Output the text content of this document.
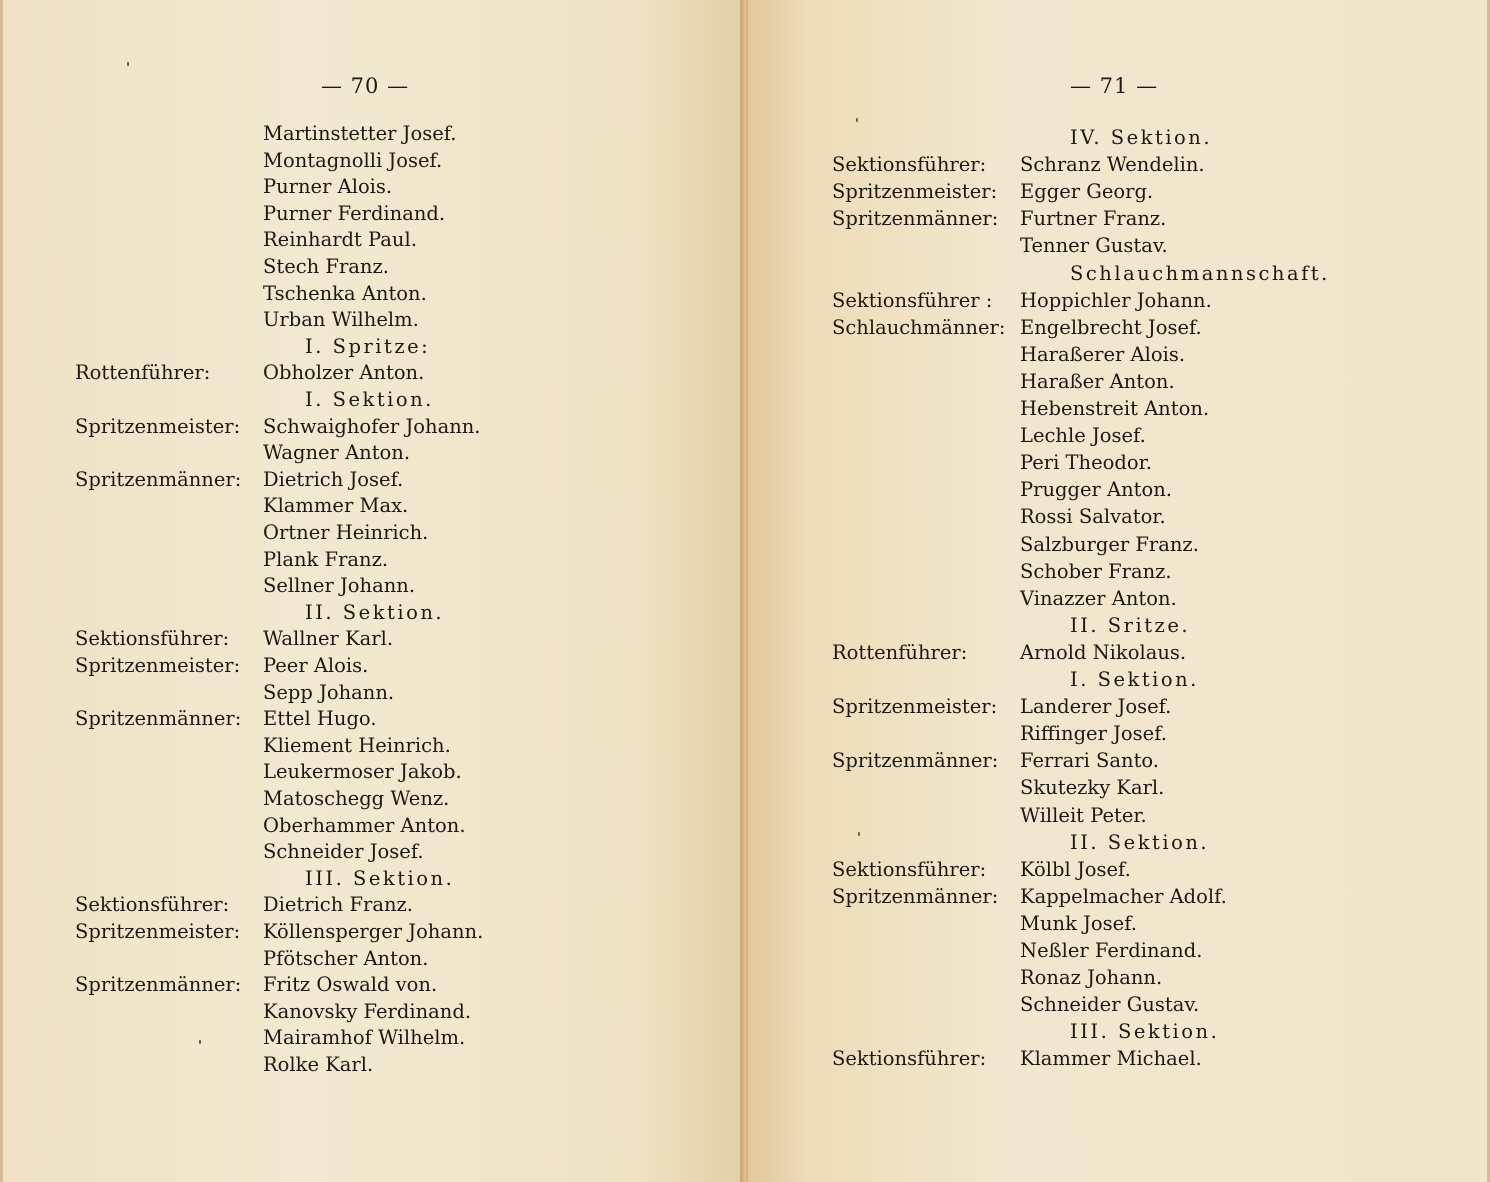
— 70 —
Martinstetter Josef.
Montagnolli Josef.
Purner Alois.
Purner Ferdinand.
Reinhardt Paul.
Stech Franz.
Tschenka Anton.
Urban Wilhelm.
I. Spritze:
Rottenführer:	Obholzer Anton.
I. Sektion.
Spritzenmeister: Schwaighofer Johann.
Wagner Anton.
Spritzenmänner: Dietrich Josef.
Klammer Max.
Ortner Heinrich.
Plank Franz.
Sellner Johann.
II. Sektion.
Sektionsführer: Wallner Karl.
Spritzenmeister: Peer Alois.
Sepp Johann.
Spritzenmänner: Ettel Hugo.
Kliement Heinrich.
Leukermoser Jakob.
Matoschegg Wenz.
Oberhammer Anton.
Schneider Josef.
III. Sektion.
Sektionsführer: Dietrich Franz.
Spritzenmeister: Köllensperger Johann.
Pfötscher Anton.
Spritzenmänner: Fritz Oswald von.
Kanovsky Ferdinand.
Mairamhof Wilhelm.
Rolke Karl.
— 71 —
IV. Sektion.
Sektionsführer: Schranz Wendelin.
Spritzenmeister: Egger Georg.
Spritzenmänner: Furtner Franz.
Tenner Gustav.
Schlauchmannschaft.
Sektionsführer : Hoppichler Johann.
Schlauchmänner: Engelbrecht Josef.
Haraßerer Alois.
Haraßer Anton.
Hebenstreit Anton.
Lechle Josef.
Peri Theodor.
Prugger Anton.
Rossi Salvator.
Salzburger Franz.
Schober Franz.
Vinazzer Anton.
II. Sritze.
Rottenführer:	Arnold Nikolaus.
I. Sektion.
Spritzenmeister: Landerer Josef.
Riffinger Josef.
Spritzenmänner: Ferrari Santo.
Skutezky Karl.
Willeit Peter.
II. Sektion.
Sektionsführer: Kölbl Josef.
Spritzenmänner: Kappelmacher Adolf.
Munk Josef.
Neßler Ferdinand.
Ronaz Johann.
Schneider Gustav.
III. Sektion.
Sektionsführer: Klammer Michael.
